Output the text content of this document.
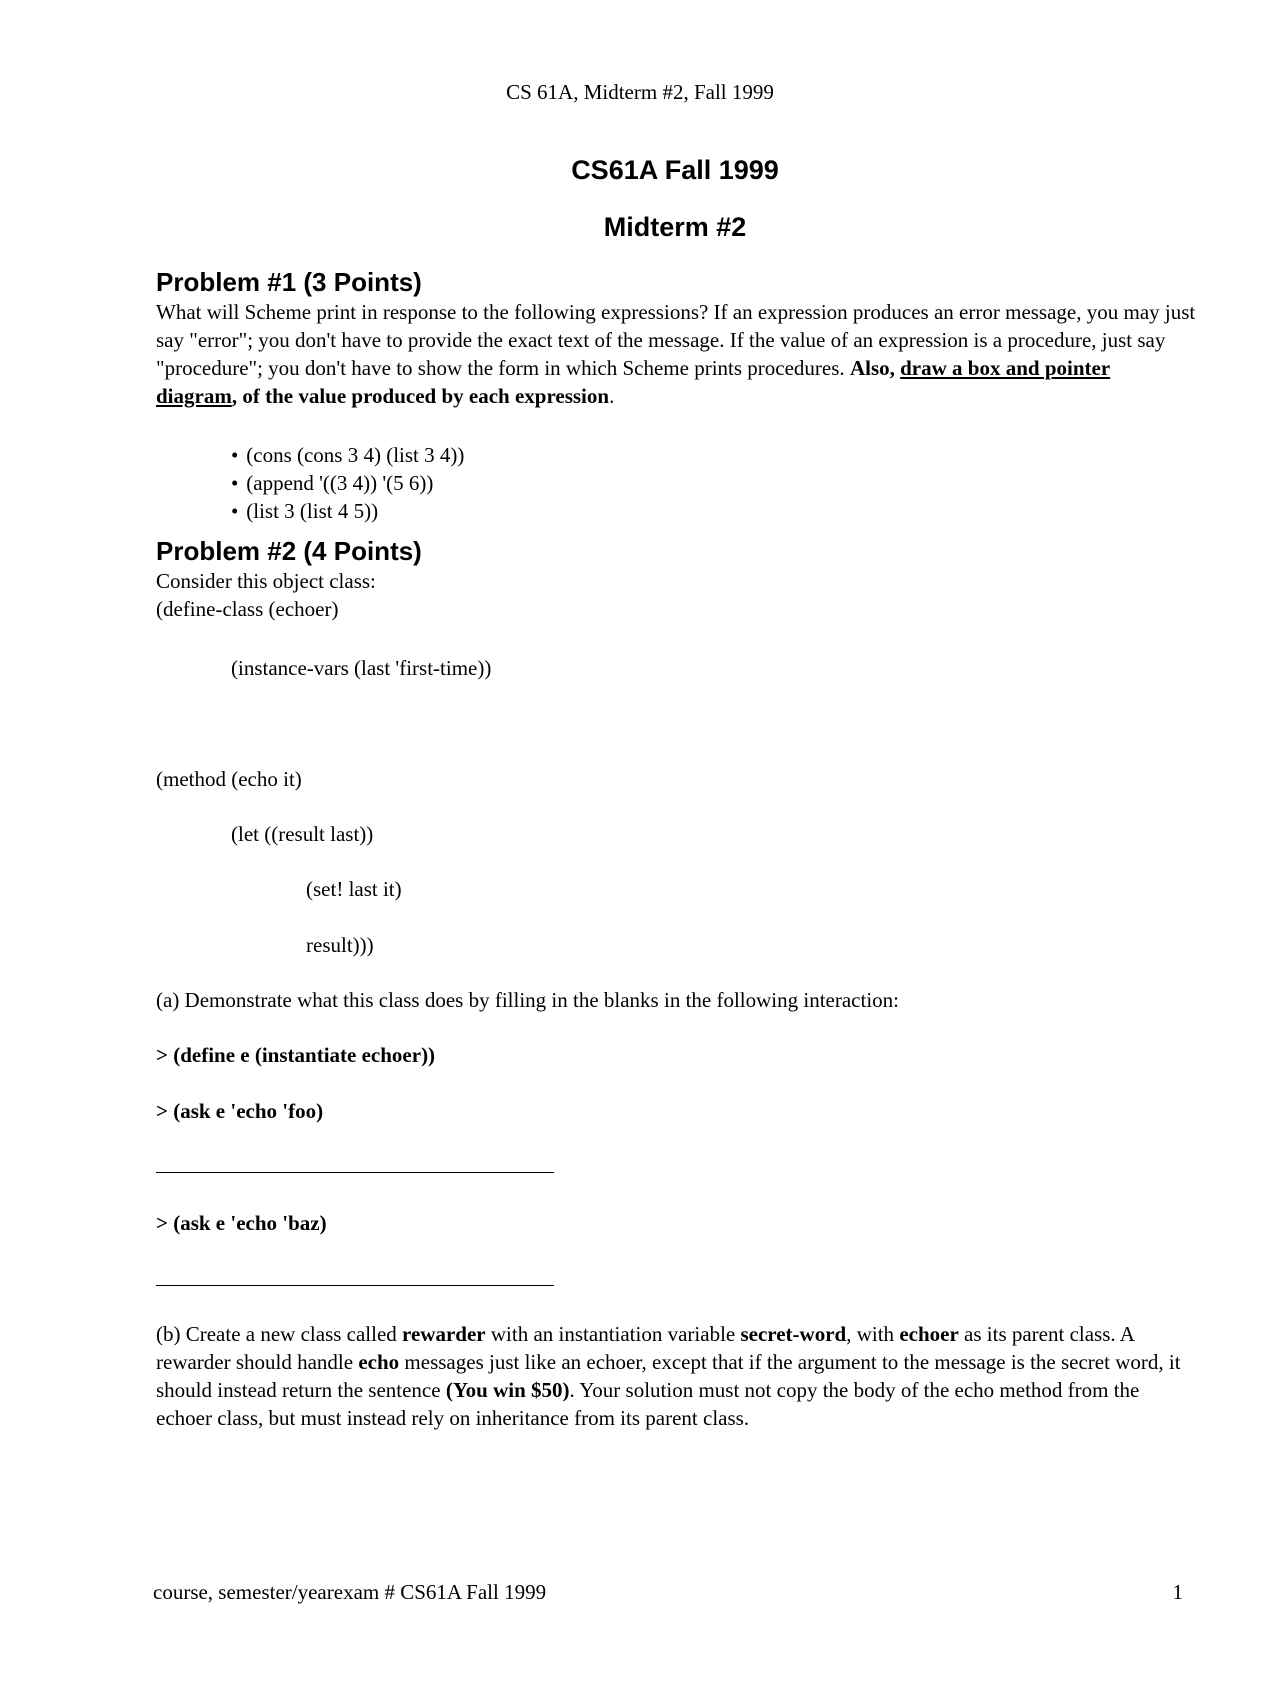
CS 61A, Midterm #2, Fall 1999
CS61A Fall 1999
Midterm #2
Problem #1 (3 Points)

What will Scheme print in response to the following expressions? If an expression produces an error message, you may just say "error"; you don't have to provide the exact text of the message. If the value of an expression is a procedure, just say "procedure"; you don't have to show the form in which Scheme prints procedures. Also, draw a box and pointer diagram, of the value produced by each expression.

• (cons (cons 3 4) (list 3 4))
• (append '((3 4)) '(5 6))
• (list 3 (list 4 5))
Problem #2 (4 Points)
Consider this object class:
(define-class (echoer)
(instance-vars (last 'first-time))
(method (echo it)
(let ((result last))
(set! last it)
result)))
(a) Demonstrate what this class does by filling in the blanks in the following interaction:
> (define e (instantiate echoer))
> (ask e 'echo 'foo)
> (ask e 'echo 'baz)

(b) Create a new class called rewarder with an instantiation variable secret-word, with echoer as its parent class. A rewarder should handle echo messages just like an echoer, except that if the argument to the message is the secret word, it should instead return the sentence (You win $50). Your solution must not copy the body of the echo method from the echoer class, but must instead rely on inheritance from its parent class.

course, semester/yearexam # CS61A Fall 1999	1
